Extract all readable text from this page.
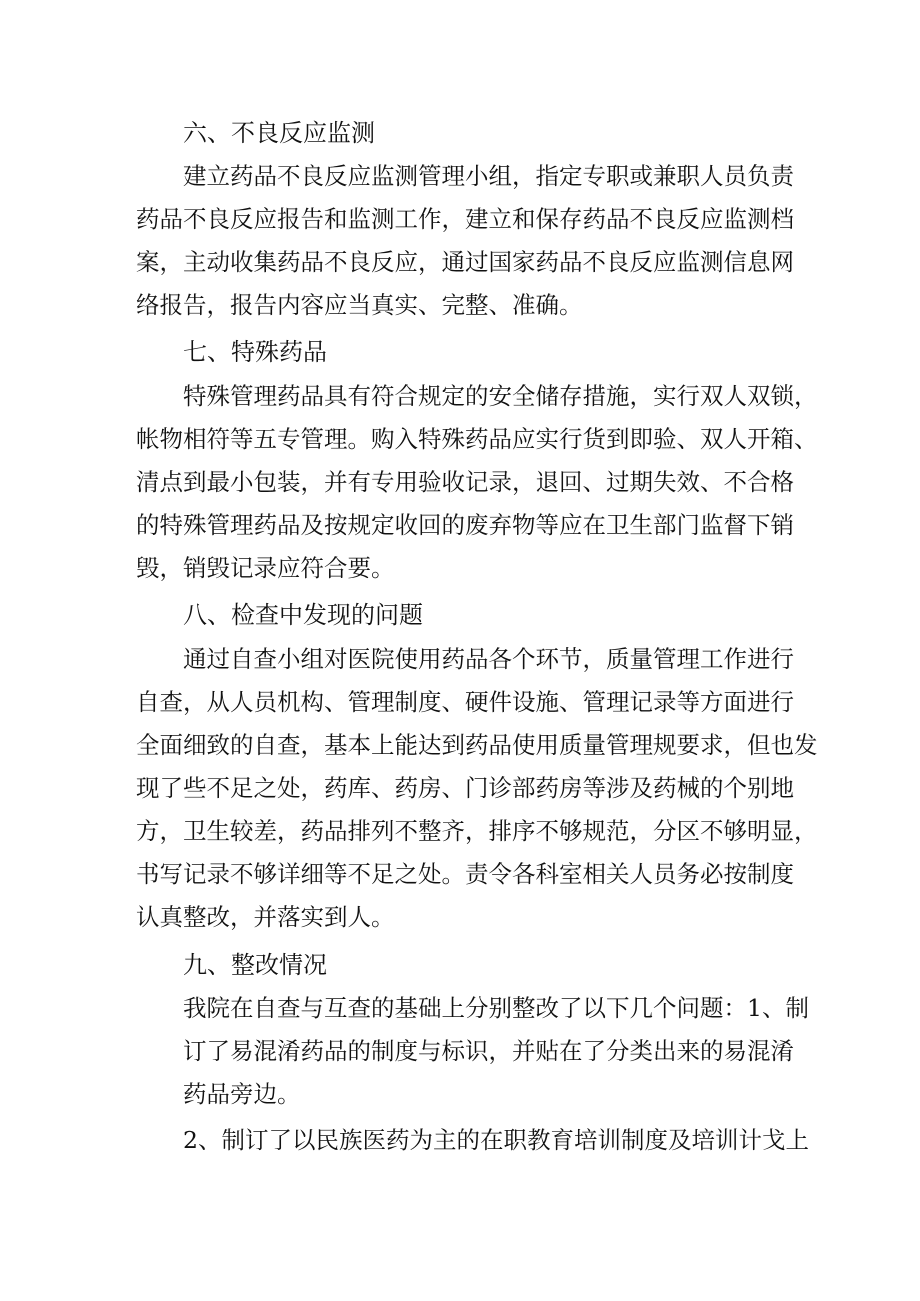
六、不良反应监测
建立药品不良反应监测管理小组，指定专职或兼职人员负责
药品不良反应报告和监测工作，建立和保存药品不良反应监测档
案，主动收集药品不良反应，通过国家药品不良反应监测信息网
络报告，报告内容应当真实、完整、准确。
七、特殊药品
特殊管理药品具有符合规定的安全储存措施，实行双人双锁，
帐物相符等五专管理。购入特殊药品应实行货到即验、双人开箱、
清点到最小包装，并有专用验收记录，退回、过期失效、不合格
的特殊管理药品及按规定收回的废弃物等应在卫生部门监督下销
毁，销毁记录应符合要。
八、检查中发现的问题
通过自查小组对医院使用药品各个环节，质量管理工作进行
自查，从人员机构、管理制度、硬件设施、管理记录等方面进行
全面细致的自查，基本上能达到药品使用质量管理规要求，但也发
现了些不足之处，药库、药房、门诊部药房等涉及药械的个别地
方，卫生较差，药品排列不整齐，排序不够规范，分区不够明显，
书写记录不够详细等不足之处。责令各科室相关人员务必按制度
认真整改，并落实到人。
九、整改情况
我院在自查与互查的基础上分别整改了以下几个问题：1、制
订了易混淆药品的制度与标识，并贴在了分类出来的易混淆
药品旁边。
2、制订了以民族医药为主的在职教育培训制度及培训计戈上
